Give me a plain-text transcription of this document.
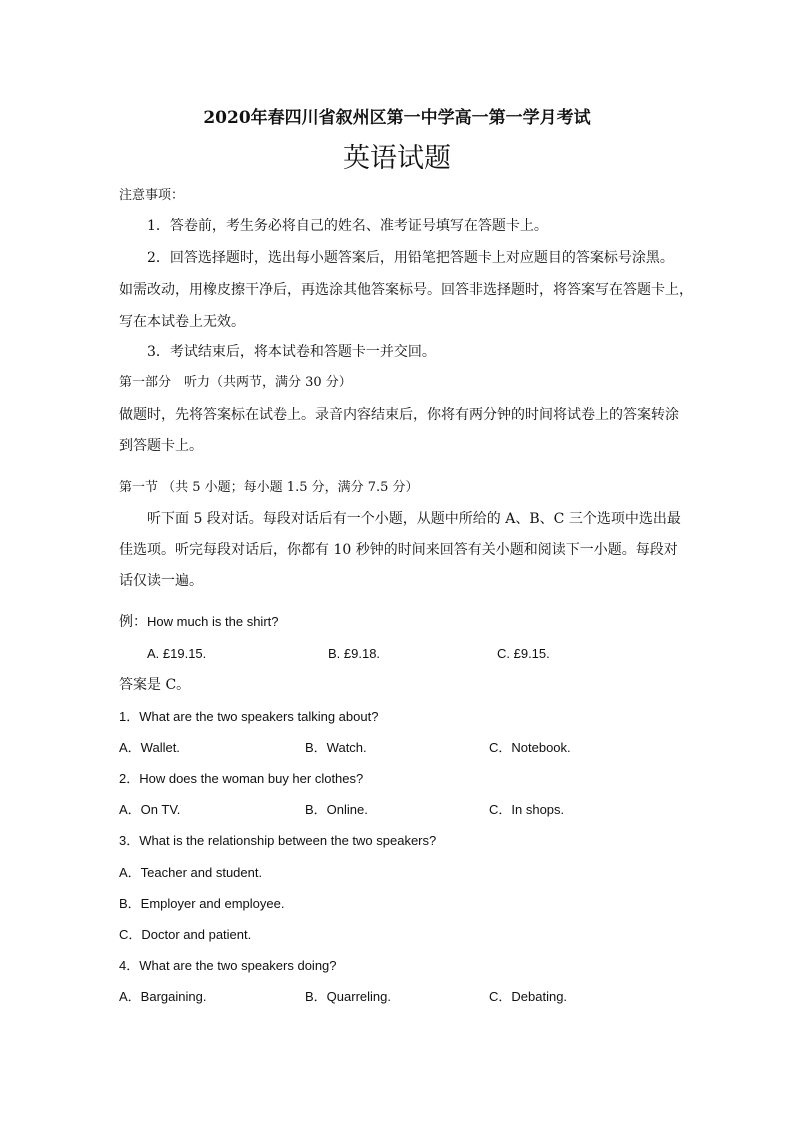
2020年春四川省叙州区第一中学高一第一学月考试
英语试题
注意事项：
1．答卷前，考生务必将自己的姓名、准考证号填写在答题卡上。
2．回答选择题时，选出每小题答案后，用铅笔把答题卡上对应题目的答案标号涂黑。
如需改动，用橡皮擦干净后，再选涂其他答案标号。回答非选择题时，将答案写在答题卡上，
写在本试卷上无效。
3．考试结束后，将本试卷和答题卡一并交回。
第一部分　听力（共两节，满分 30 分）
做题时，先将答案标在试卷上。录音内容结束后，你将有两分钟的时间将试卷上的答案转涂
到答题卡上。
第一节 （共 5 小题；每小题 1.5 分，满分 7.5 分）
听下面 5 段对话。每段对话后有一个小题，从题中所给的 A、B、C 三个选项中选出最
佳选项。听完每段对话后，你都有 10 秒钟的时间来回答有关小题和阅读下一小题。每段对
话仅读一遍。
例：How much is the shirt?
A. £19.15.	B. £9.18.	C. £9.15.
答案是 C。
1．What are the two speakers talking about?
A．Wallet.	B．Watch.	C．Notebook.
2．How does the woman buy her clothes?
A．On TV.	B．Online.	C．In shops.
3．What is the relationship between the two speakers?
A．Teacher and student.
B．Employer and employee.
C．Doctor and patient.
4．What are the two speakers doing?
A．Bargaining.	B．Quarreling.	C．Debating.
